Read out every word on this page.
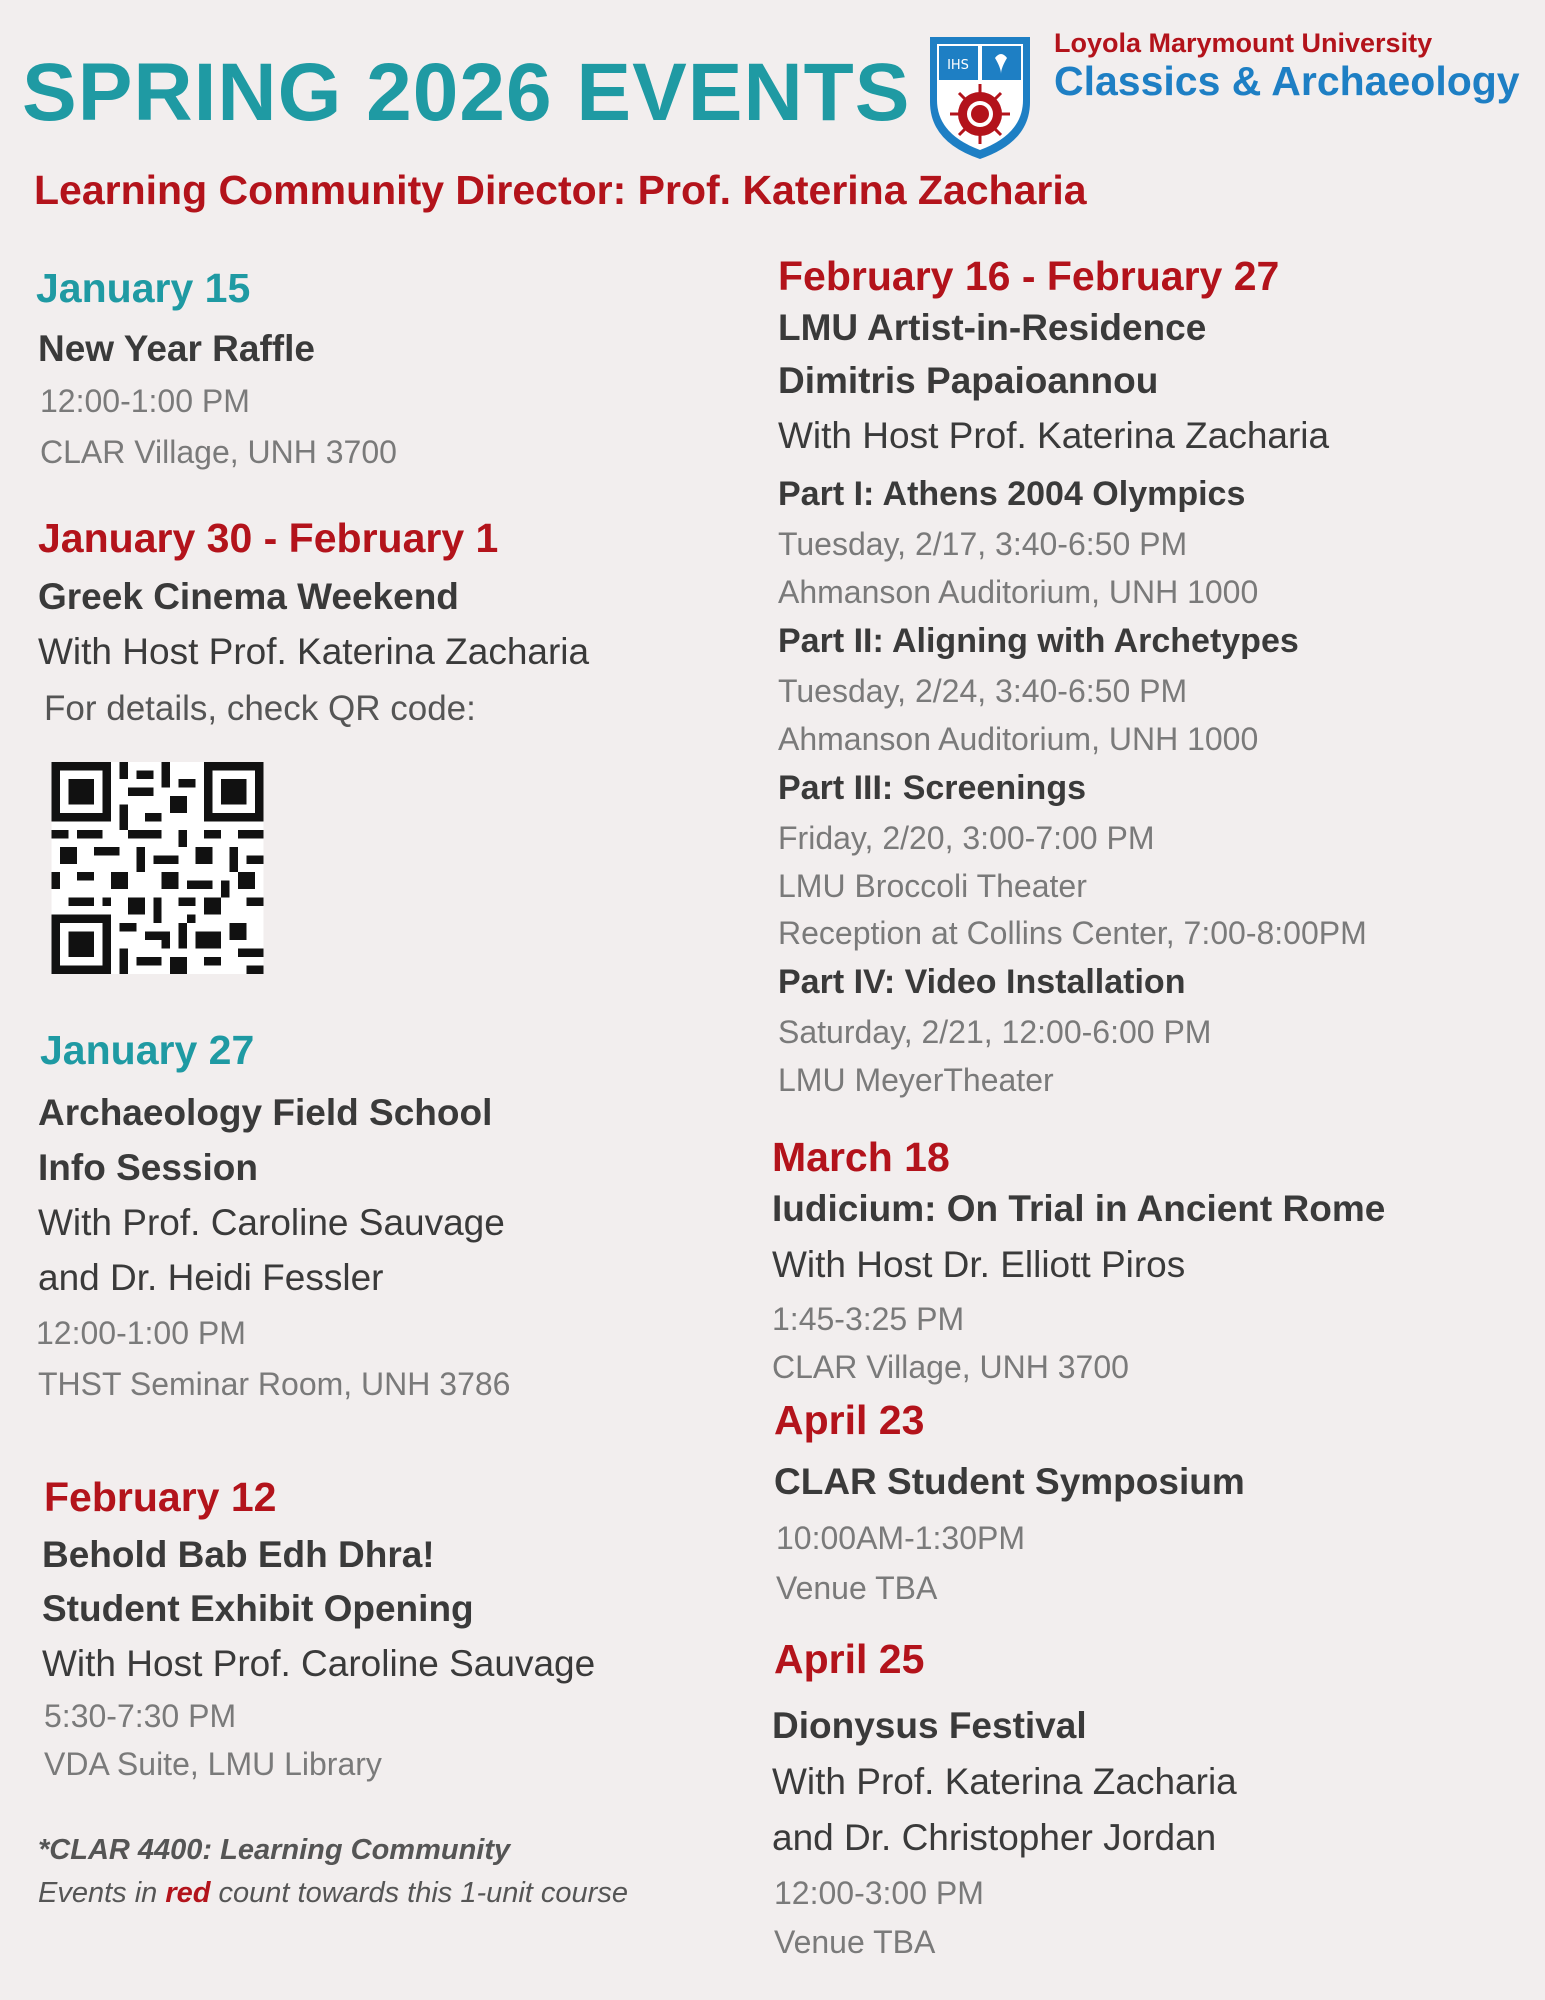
SPRING 2026 EVENTS
Learning Community Director: Prof. Katerina Zacharia
IHS
Loyola Marymount University
Classics & Archaeology
January 15
New Year Raffle
12:00-1:00 PM
CLAR Village, UNH 3700
January 30 - February 1
Greek Cinema Weekend
With Host Prof. Katerina Zacharia
For details, check QR code:
January 27
Archaeology Field School
Info Session
With Prof. Caroline Sauvage
and Dr. Heidi Fessler
12:00-1:00 PM
THST Seminar Room, UNH 3786
February 12
Behold Bab Edh Dhra!
Student Exhibit Opening
With Host Prof. Caroline Sauvage
5:30-7:30 PM
VDA Suite, LMU Library
*CLAR 4400: Learning Community
Events in red count towards this 1-unit course
February 16 - February 27
LMU Artist-in-Residence
Dimitris Papaioannou
With Host Prof. Katerina Zacharia
Part I: Athens 2004 Olympics
Tuesday, 2/17, 3:40-6:50 PM
Ahmanson Auditorium, UNH 1000
Part II: Aligning with Archetypes
Tuesday, 2/24, 3:40-6:50 PM
Ahmanson Auditorium, UNH 1000
Part III: Screenings
Friday, 2/20, 3:00-7:00 PM
LMU Broccoli Theater
Reception at Collins Center, 7:00-8:00PM
Part IV: Video Installation
Saturday, 2/21, 12:00-6:00 PM
LMU MeyerTheater
March 18
Iudicium: On Trial in Ancient Rome
With Host Dr. Elliott Piros
1:45-3:25 PM
CLAR Village, UNH 3700
April 23
CLAR Student Symposium
10:00AM-1:30PM
Venue TBA
April 25
Dionysus Festival
With Prof. Katerina Zacharia
and Dr. Christopher Jordan
12:00-3:00 PM
Venue TBA
